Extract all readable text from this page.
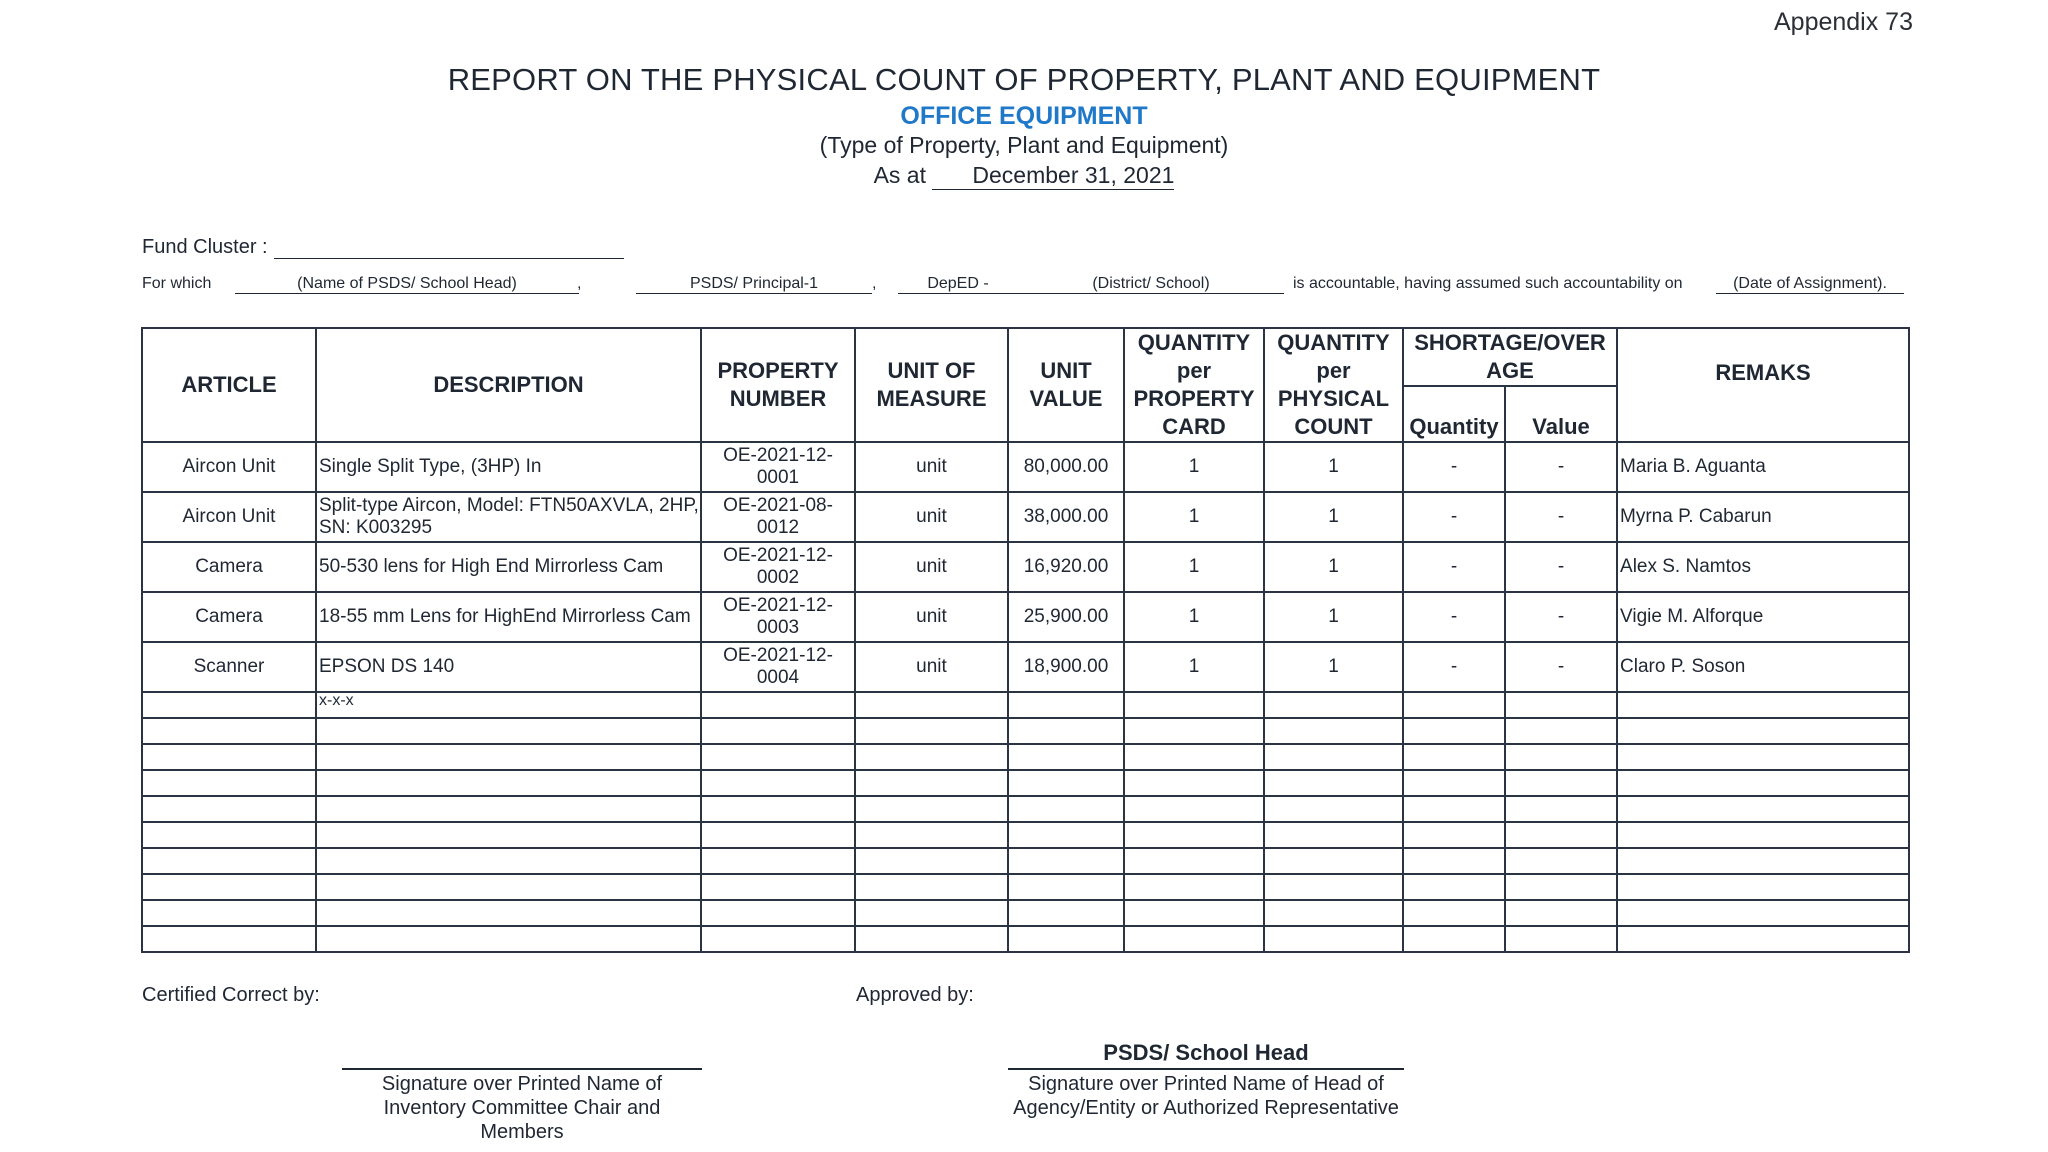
Appendix 73
REPORT ON THE PHYSICAL COUNT OF PROPERTY, PLANT AND EQUIPMENT
OFFICE EQUIPMENT
(Type of Property, Plant and Equipment)
As at December 31, 2021
Fund Cluster :
For which	(Name of PSDS/ School Head)	,	PSDS/ Principal-1	,	DepED -	(District/ School)	is accountable, having assumed such accountability on	(Date of Assignment).
ARTICLE	DESCRIPTION	PROPERTY NUMBER	UNIT OF MEASURE	UNIT VALUE	QUANTITY per PROPERTY CARD	QUANTITY per PHYSICAL COUNT	SHORTAGE/OVER AGE		REMAKS
							Quantity	Value	
Aircon Unit	Single Split Type, (3HP) In	OE-2021-12-0001	unit	80,000.00	1	1	-	-	Maria B. Aguanta
Aircon Unit	Split-type Aircon, Model: FTN50AXVLA, 2HP, SN: K003295	OE-2021-08-0012	unit	38,000.00	1	1	-	-	Myrna P. Cabarun
Camera	50-530 lens for High End Mirrorless Cam	OE-2021-12-0002	unit	16,920.00	1	1	-	-	Alex S. Namtos
Camera	18-55 mm Lens for HighEnd Mirrorless Cam	OE-2021-12-0003	unit	25,900.00	1	1	-	-	Vigie M. Alforque
Scanner	EPSON DS 140	OE-2021-12-0004	unit	18,900.00	1	1	-	-	Claro P. Soson
	x-x-x								

Certified Correct by:	Approved by:
Signature over Printed Name of Inventory Committee Chair and Members
PSDS/ School Head
Signature over Printed Name of Head of Agency/Entity or Authorized Representative
